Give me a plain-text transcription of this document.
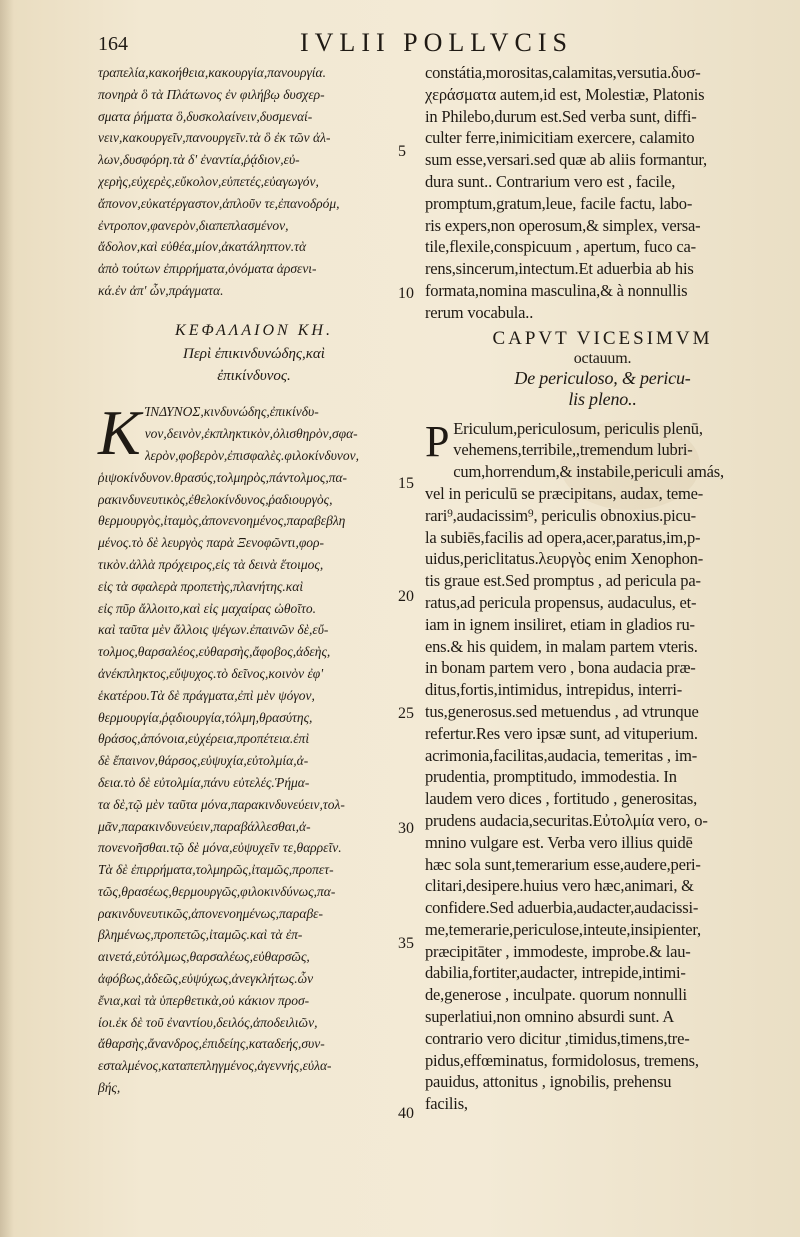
164	IVLII POLLVCIS
τραπελία,κακοήθεια,κακουργία,πανουργία.
πονηρὰ ὃ τὰ Πλάτωνος ἐν φιλήβῳ δυσχερ-
σματα ῥήματα ὃ,δυσκολαίνειν,δυσμεναί-
νειν,κακουργεῖν,πανουργεῖν.τὰ ὃ ἐκ τῶν ἀλ-
λων,δυσφόρη.τὰ δ' ἐναντία,ῥᾴδιον,εὐ-
χερὴς,εὐχερὲς,εὔκολον,εὐπετές,εὐαγωγόν,
ἄπονον,εὐκατέργαστον,ἁπλοῦν τε,ἐπανοδρόμ,
ἐντροπον,φανερὸν,διαπεπλασμένον,
ἄδολον,καὶ εὐθέα,μίον,ἀκατάληπτον.τὰ
ἀπὸ τούτων ἐπιρρήματα,ὀνόματα ἀρσενι-
κά.ἐν ἀπ' ὧν,πράγματα.
ΚΕΦΑΛΑΙΟΝ ΚΗ.
Περὶ ἐπικινδυνώδης,καὶ
ἐπικίνδυνος.
Κ ΊΝΔΥΝΟΣ,κινδυνώδης,ἐπικίνδυ-
νον,δεινὸν,ἐκπληκτικὸν,ὀλισθηρὸν,σφα-
λερὸν,φοβερὸν,ἐπισφαλὲς.φιλοκίνδυνον,
ῥιψοκίνδυνον.θρασύς,τολμηρὸς,πάντολμος,πα-
ρακινδυνευτικὸς,ἐθελοκίνδυνος,ῥαδιουργὸς,
θερμουργὸς,ἰταμὸς,ἀπονενοημένος,παραβεβλη
μένος.τὸ δὲ λευργὸς παρὰ Ξενοφῶντι,φορ-
τικὸν.ἀλλὰ πρόχειρος,εἰς τὰ δεινὰ ἕτοιμος,
εἰς τὰ σφαλερὰ προπετὴς,πλανήτης.καὶ
εἰς πῦρ ἄλλοιτο,καὶ εἰς μαχαίρας ὠθοῖτο.
καὶ ταῦτα μὲν ἄλλοις ψέγων.ἐπαινῶν δὲ,εὔ-
τολμος,θαρσαλέος,εὐθαρσὴς,ἄφοβος,ἀδεὴς,
ἀνέκπληκτος,εὔψυχος.τὸ δεῖνος,κοινὸν ἐφ'
ἑκατέρου.Τὰ δὲ πράγματα,ἐπὶ μὲν ψόγον,
θερμουργία,ῥᾳδιουργία,τόλμη,θρασύτης,
θράσος,ἀπόνοια,εὐχέρεια,προπέτεια.ἐπὶ
δὲ ἔπαινον,θάρσος,εὐψυχία,εὐτολμία,ἀ-
δεια.τὸ δὲ εὐτολμία,πάνυ εὐτελές.Ῥήμα-
τα δὲ,τῷ μὲν ταῦτα μόνα,παρακινδυνεύειν,τολ-
μᾶν,παρακινδυνεύειν,παραβάλλεσθαι,ἀ-
πονενοῆσθαι.τῷ δὲ μόνα,εὐψυχεῖν τε,θαρρεῖν.
Τὰ δὲ ἐπιρρήματα,τολμηρῶς,ἰταμῶς,προπετ-
τῶς,θρασέως,θερμουργῶς,φιλοκινδύνως,πα-
ρακινδυνευτικῶς,ἀπονενοημένως,παραβε-
βλημένως,προπετῶς,ἰταμῶς.καὶ τὰ ἐπ-
αινετά,εὐτόλμως,θαρσαλέως,εὐθαρσῶς,
ἀφόβως,ἀδεῶς,εὐψύχως,ἀνεγκλήτως.ὧν
ἔνια,καὶ τὰ ὑπερθετικὰ,οὐ κάκιον προσ-
ίοι.ἐκ δὲ τοῦ ἐναντίου,δειλός,ἀποδειλιῶν,
ἄθαρσὴς,ἄνανδρος,ἐπιδείης,καταδεής,συν-
εσταλμένος,καταπεπληγμένος,ἀγεννής,εὐλα-
βής,
constátia,morositas,calamitas,versutia.δυσ-
χεράσματα autem,id est, Molestiæ, Platonis
in Philebo,durum est.Sed verba sunt, diffi-
culter ferre,inimicitiam exercere, calamito
sum esse,versari.sed quæ ab aliis formantur,
dura sunt.. Contrarium vero est , facile,
promptum,gratum,leue, facile factu, labo-
ris expers,non operosum,& simplex, versa-
tile,flexile,conspicuum , apertum, fuco ca-
rens,sincerum,intectum.Et aduerbia ab his
formata,nomina masculina,& à nonnullis
rerum vocabula..
CAPVT VICESIMVM
octauum.
De periculoso, & pericu-
lis pleno..
P Ericulum,periculosum, periculis plenū,
vehemens,terribile,,tremendum lubri-
cum,horrendum,& instabile,periculi amás,
vel in periculū se præcipitans, audax, teme-
rari⁹,audacissim⁹, periculis obnoxius.picu-
la subiēs,facilis ad opera,acer,paratus,im,p-
uidus,periclitatus.λευργὸς enim Xenophon-
tis graue est.Sed promptus , ad pericula pa-
ratus,ad pericula propensus, audaculus, et-
iam in ignem insiliret, etiam in gladios ru-
ens.& his quidem, in malam partem vteris.
in bonam partem vero , bona audacia præ-
ditus,fortis,intimidus, intrepidus, interri-
tus,generosus.sed metuendus , ad vtrunque
refertur.Res vero ipsæ sunt, ad vituperium.
acrimonia,facilitas,audacia, temeritas , im-
prudentia, promptitudo, immodestia. In
laudem vero dices , fortitudo , generositas,
prudens audacia,securitas.Εὐτολμία vero, o-
mnino vulgare est. Verba vero illius quidē
hæc sola sunt,temerarium esse,audere,peri-
clitari,desipere.huius vero hæc,animari, &
confidere.Sed aduerbia,audacter,audacissi-
me,temerarie,periculose,inteute,insipienter,
præcipitāter , immodeste, improbe.& lau-
dabilia,fortiter,audacter, intrepide,intimi-
de,generose , inculpate. quorum nonnulli
superlatiui,non omnino absurdi sunt. A
contrario vero dicitur ,timidus,timens,tre-
pidus,effœminatus, formidolosus, tremens,
pauidus, attonitus , ignobilis, prehensu
facilis,
5
10
15
20
25
30
35
40
